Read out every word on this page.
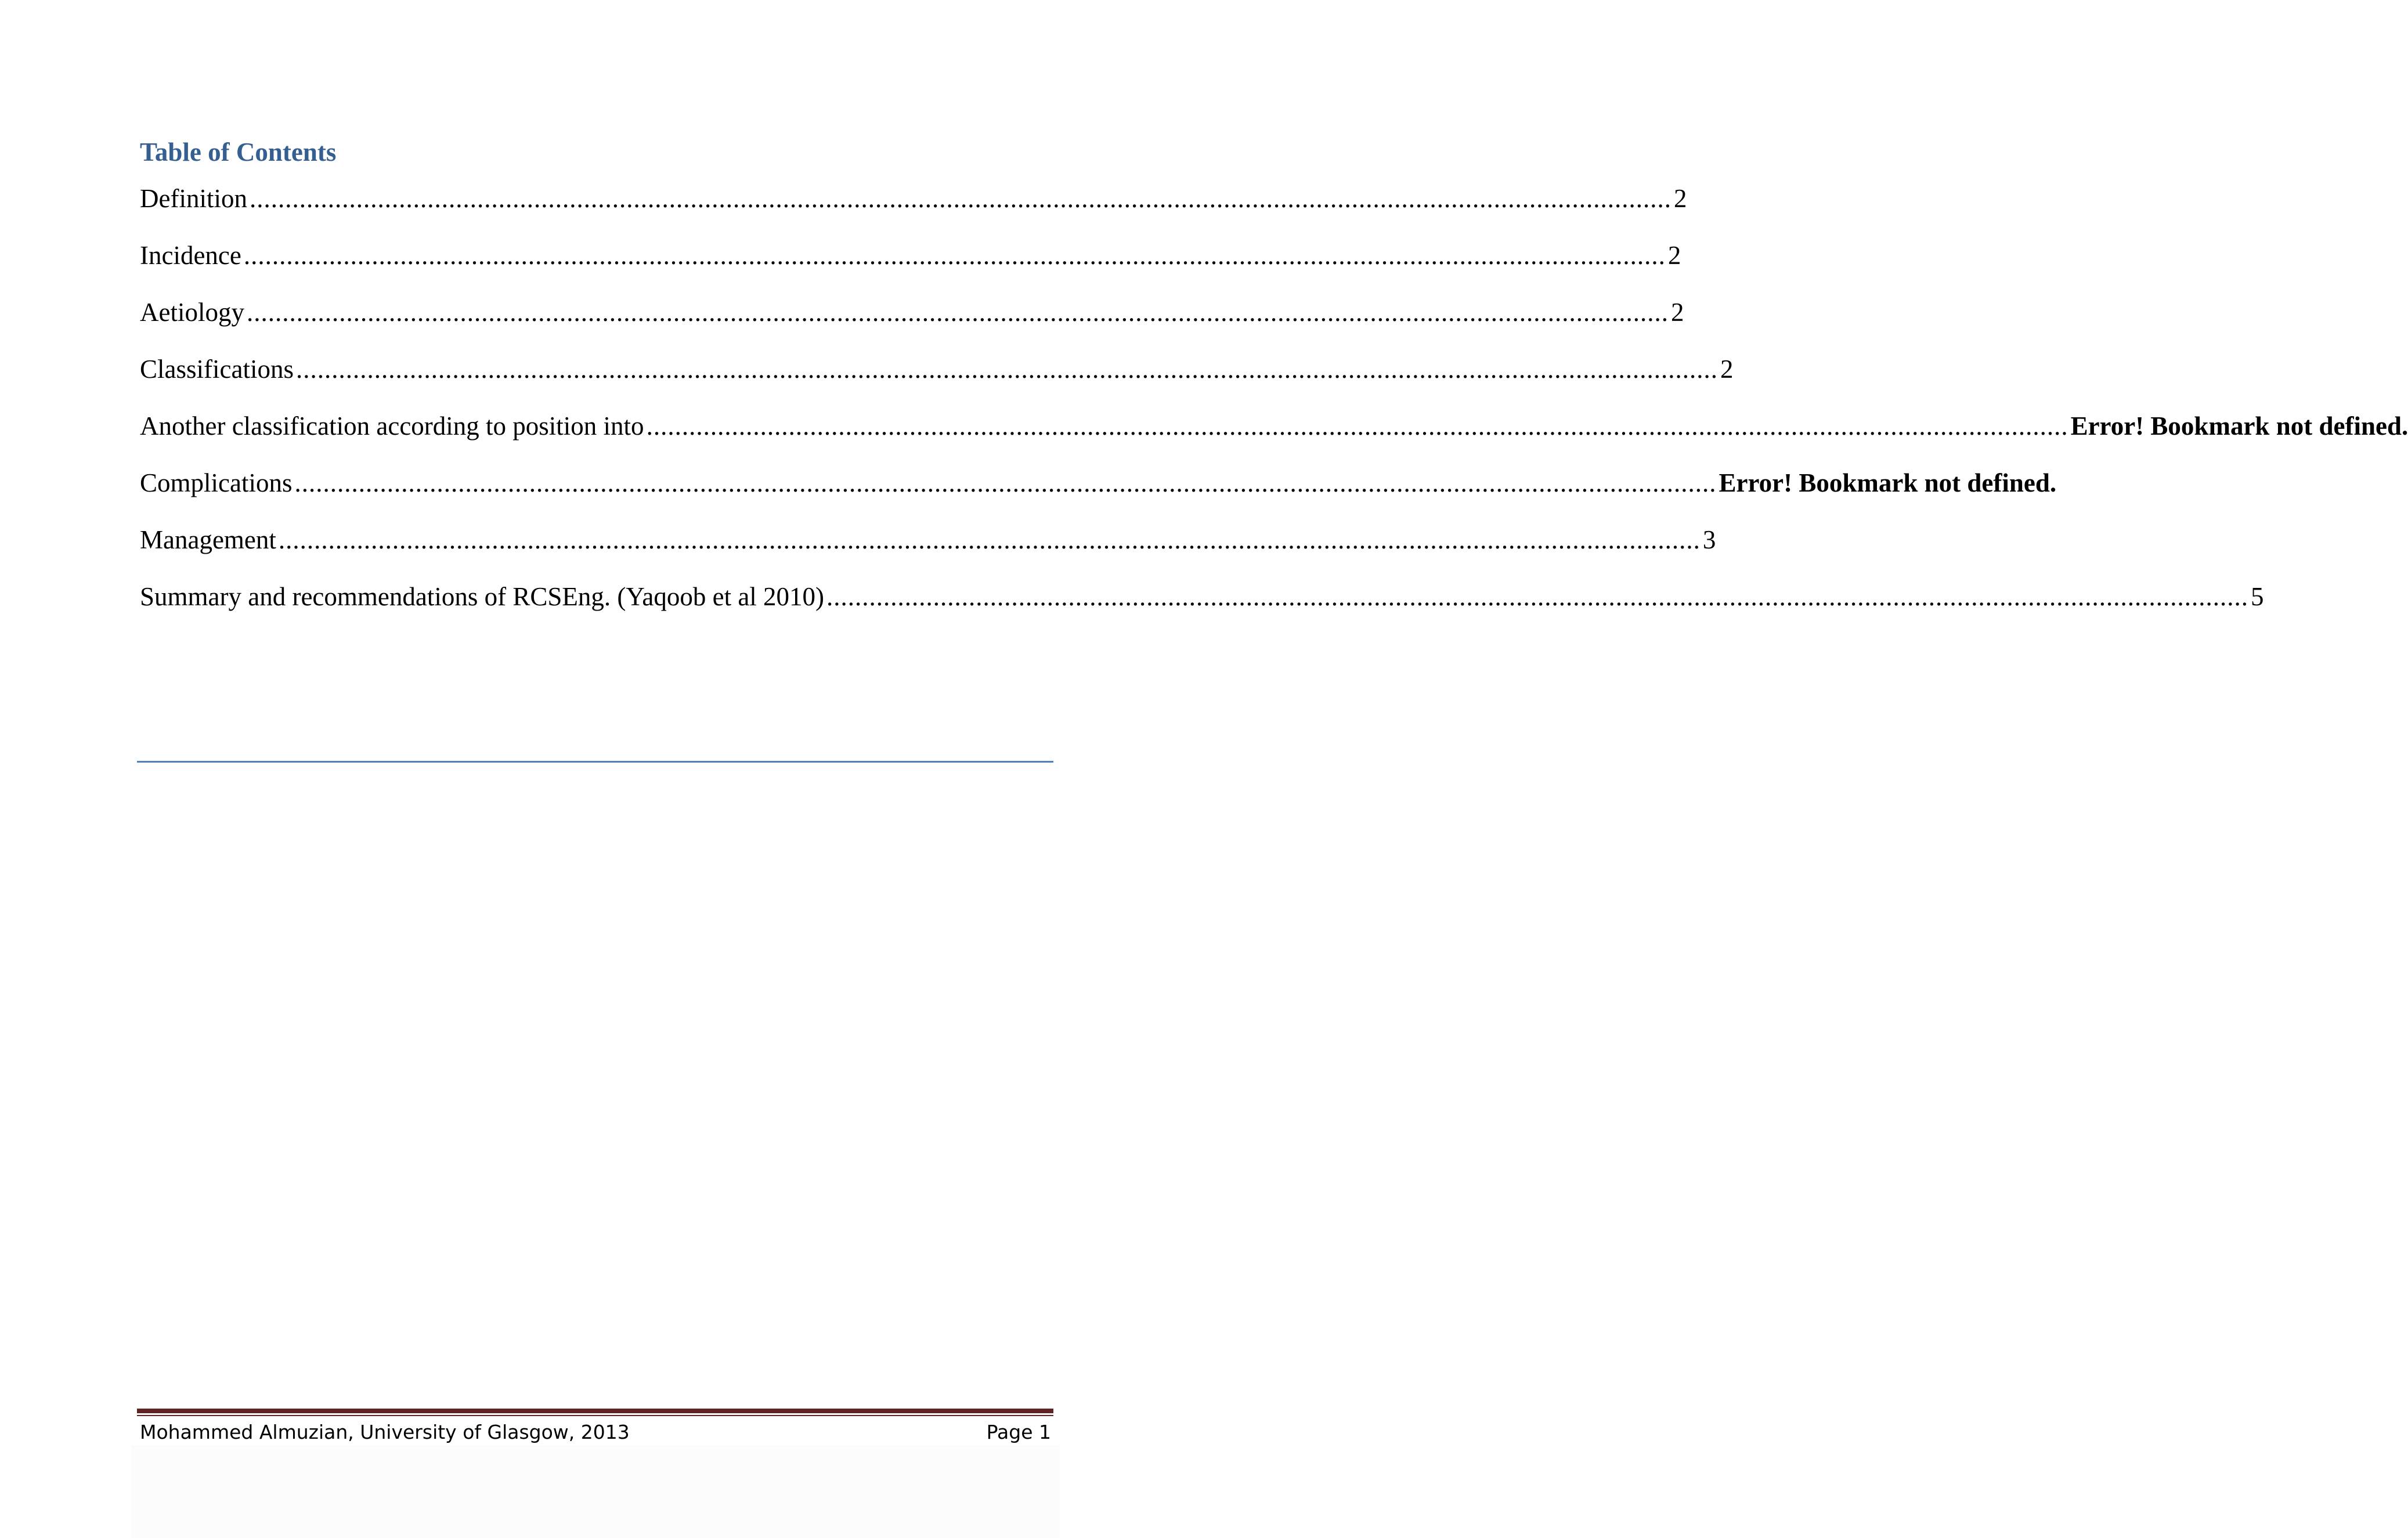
Table of Contents
Definition ........................................................................................................................................................................................................ 2
Incidence ........................................................................................................................................................................................................ 2
Aetiology ........................................................................................................................................................................................................ 2
Classifications ........................................................................................................................................................................................................ 2
Another classification according to position into ........................................................................................................................................................................................................ Error! Bookmark not defined.
Complications ........................................................................................................................................................................................................ Error! Bookmark not defined.
Management ........................................................................................................................................................................................................ 3
Summary and recommendations of RCSEng. (Yaqoob et al 2010) ........................................................................................................................................................................................................ 5
Mohammed Almuzian, University of Glasgow, 2013	Page 1
